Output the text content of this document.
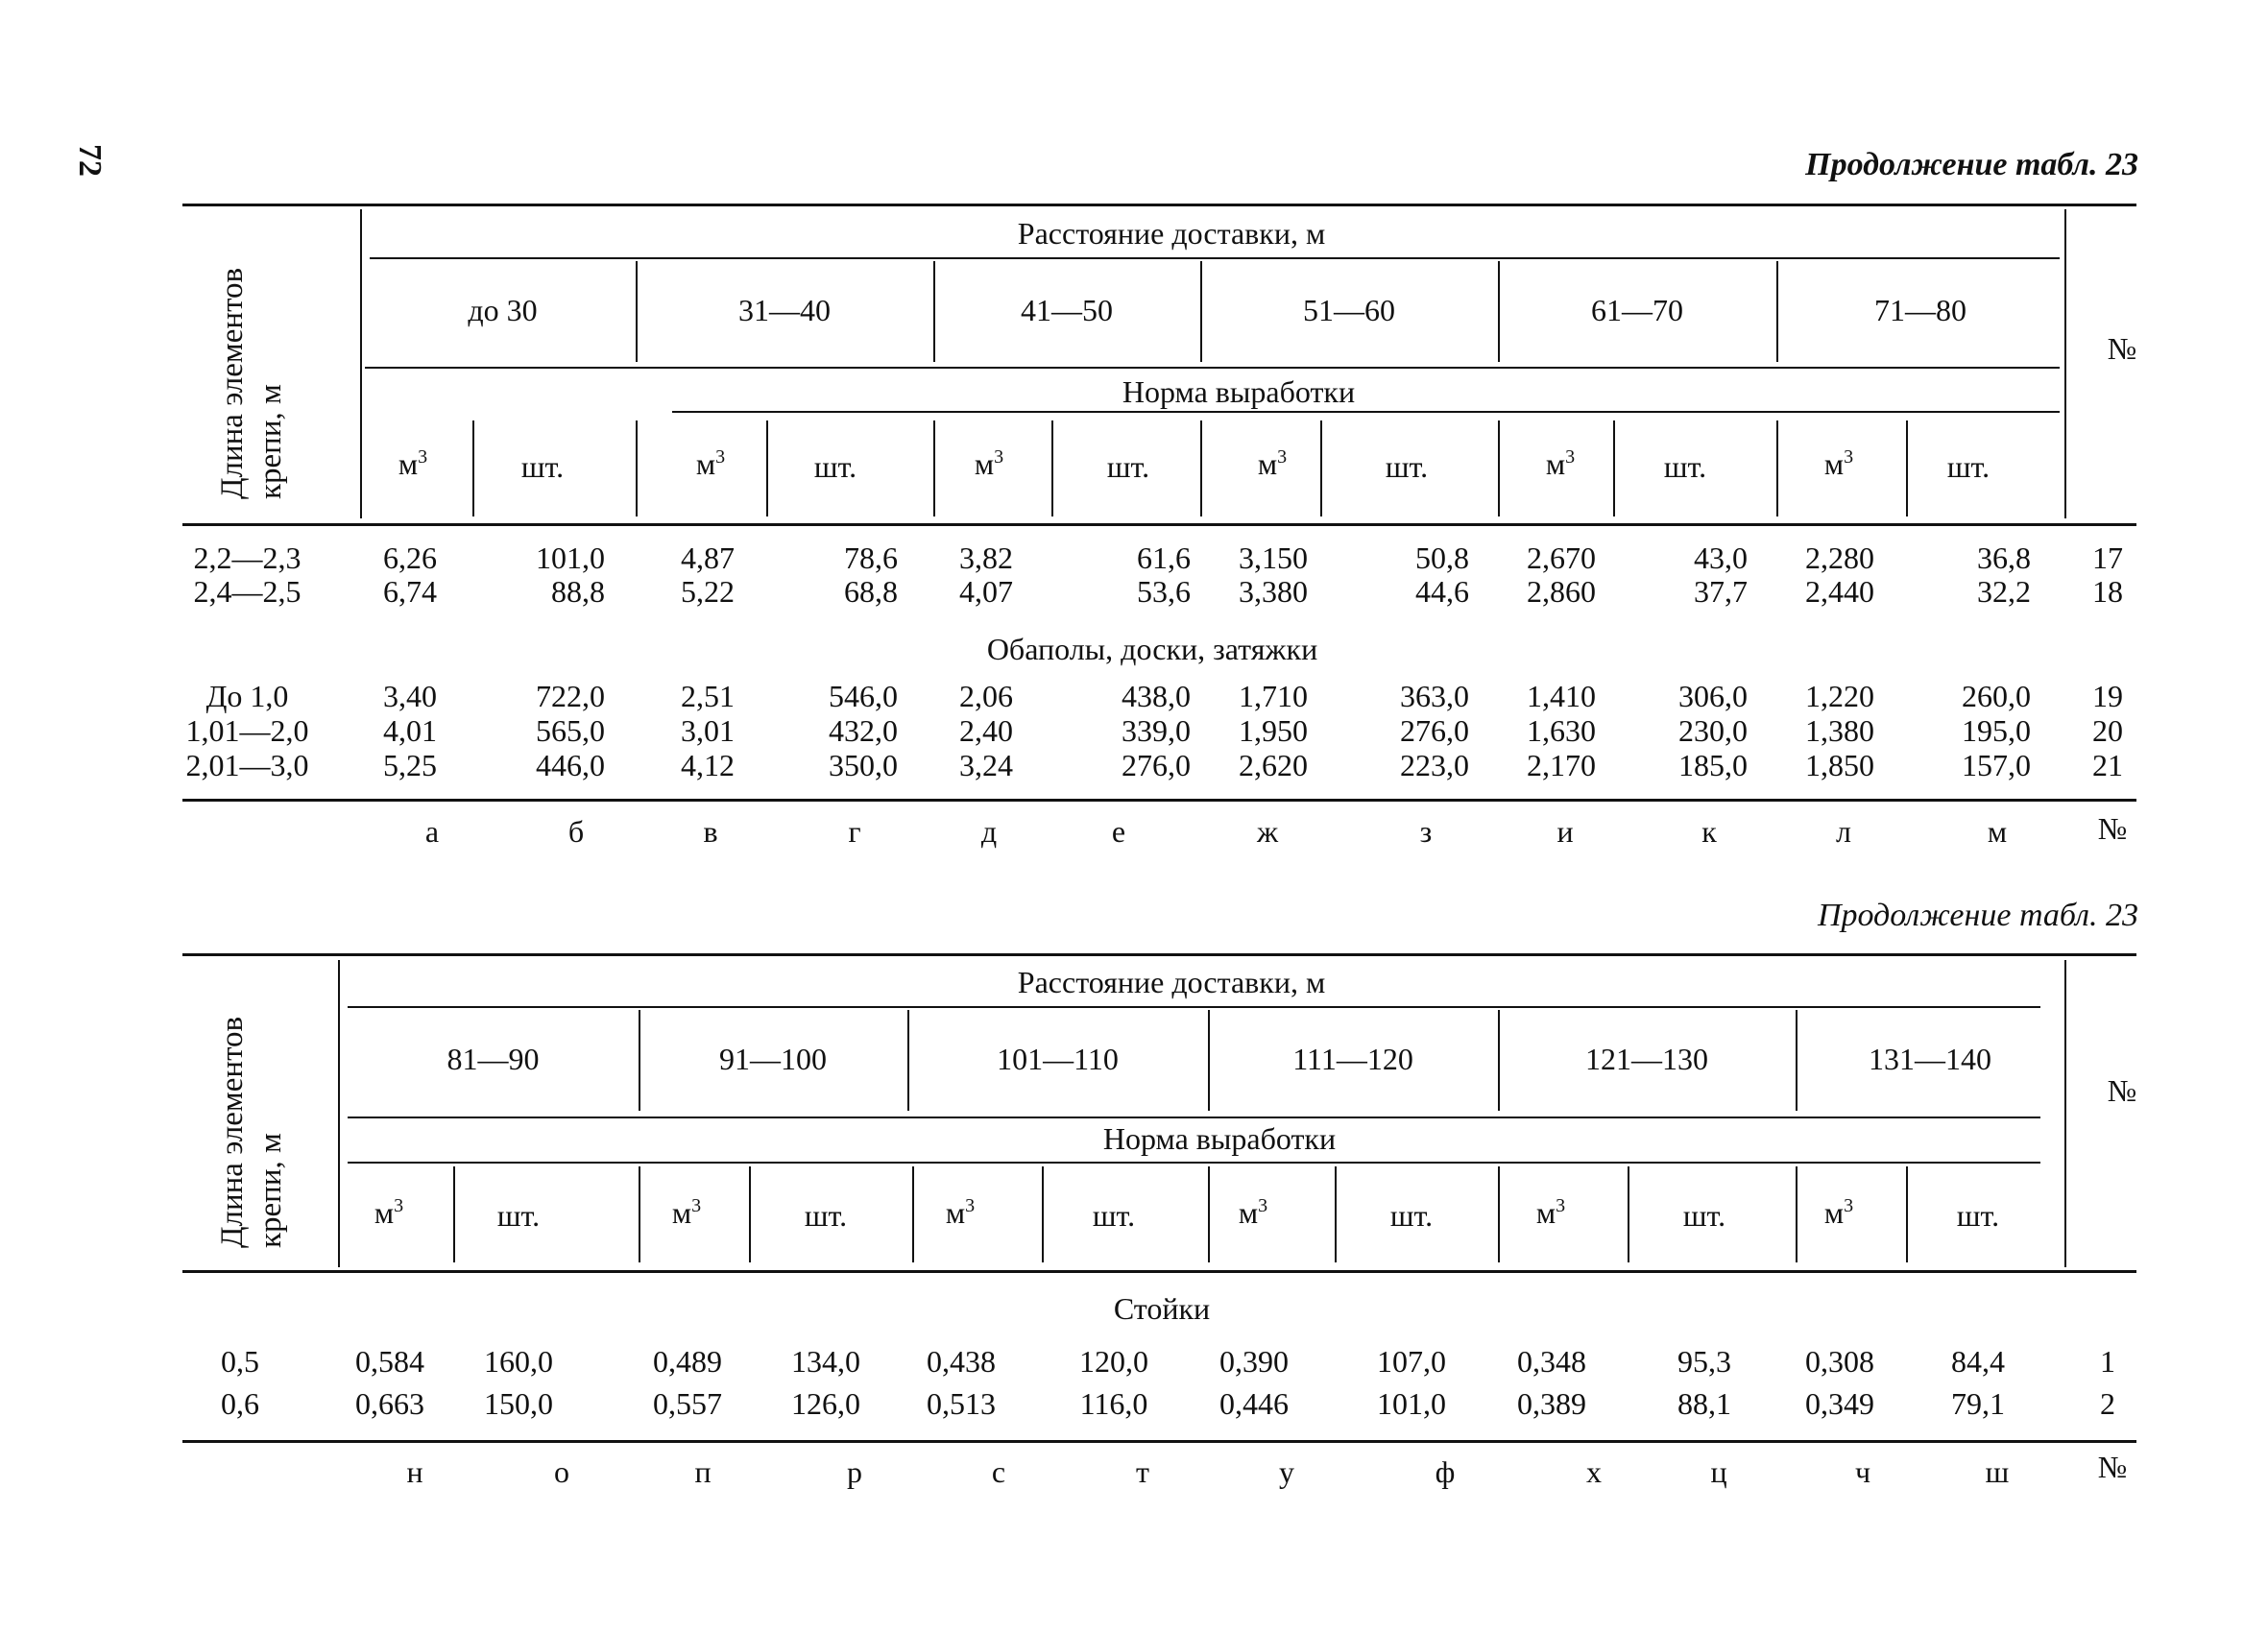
72	Продолжение табл. 23
Длина элементов крепи, м
Расстояние доставки, м
до 30	31—40	41—50	51—60	61—70	71—80
Норма выработки
$м^3$	шт.	$м^3$	шт.	$м^3$	шт.	$м^3$	шт.	$м^3$	шт.	$м^3$	шт.
№
2,2—2,3	6,26	101,0 4,87	78,6 3,82	61,6 3,150	50,8 2,670	43,0 2,280	36,8 17
2,4—2,5	6,74	88,8 5,22	68,8 4,07	53,6 3,380	44,6 2,860	37,7 2,440	32,2 18
До 1,0	3,40	722,0 2,51	546,0 2,06	438,0 1,710	363,0 1,410	306,0 1,220	260,0 19
1,01—2,0 4,01	565,0 3,01	432,0 2,40	339,0 1,950	276,0 1,630	230,0 1,380	195,0 20
2,01—3,0 5,25	446,0 4,12	350,0 3,24	276,0 2,620	223,0 2,170	185,0 1,850	157,0 21
Обаполы, доски, затяжки
а	б	в	г	д	е	ж	з	и	к	л	м	№
Продолжение табл. 23
Длина элементов крепи, м
Расстояние доставки, м
81—90	91—100	101—110	111—120	121—130	131—140
Норма выработки
$м^3$	шт.	$м^3$	шт.	$м^3$	шт.	$м^3$	шт.	$м^3$	шт.	$м^3$	шт.
№
Стойки
0,5	0,584	160,0	0,489	134,0	0,438	120,0	0,390	107,0	0,348	95,3	0,308	84,4	1
0,6	0,663	150,0	0,557	126,0	0,513	116,0	0,446	101,0	0,389	88,1	0,349	79,1	2
н	о	п	р	с	т	у	ф	х	ц	ч	ш	№
